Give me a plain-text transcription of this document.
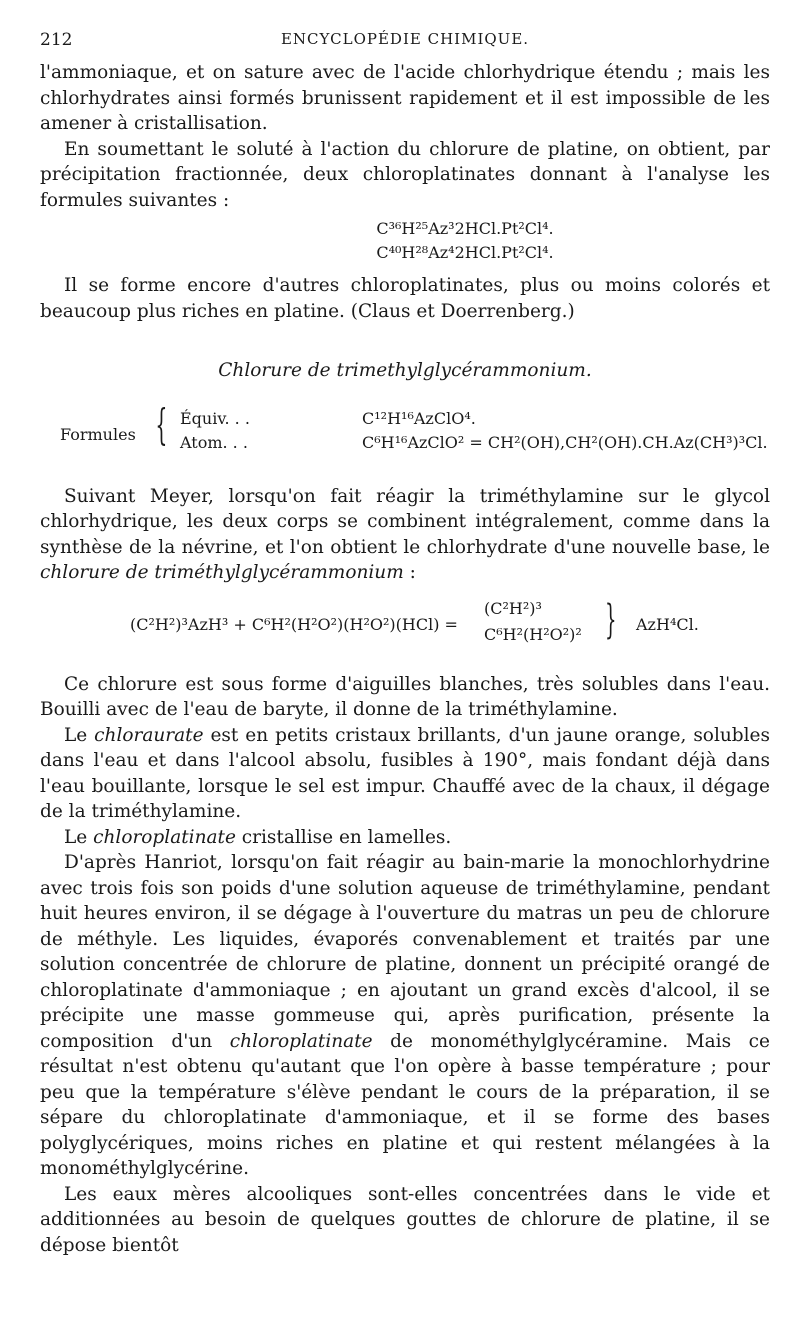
212	ENCYCLOPÉDIE CHIMIQUE.

l'ammoniaque, et on sature avec de l'acide chlorhydrique étendu ; mais les chlorhydrates ainsi formés brunissent rapidement et il est impossible de les amener à cristallisation.

En soumettant le soluté à l'action du chlorure de platine, on obtient, par précipitation fractionnée, deux chloroplatinates donnant à l'analyse les formules suivantes :

C³⁶H²⁵Az³2HCl.Pt²Cl⁴.
C⁴⁰H²⁸Az⁴2HCl.Pt²Cl⁴.

Il se forme encore d'autres chloroplatinates, plus ou moins colorés et beaucoup plus riches en platine. (Claus et Doerrenberg.)

Chlorure de trimethylglycérammonium.
Formules { Équiv. . .	C¹²H¹⁶AzClO⁴.
Atom. . .	C⁶H¹⁶AzClO² = CH²(OH),CH²(OH).CH.Az(CH³)³Cl.

Suivant Meyer, lorsqu'on fait réagir la triméthylamine sur le glycol chlorhydrique, les deux corps se combinent intégralement, comme dans la synthèse de la névrine, et l'on obtient le chlorhydrate d'une nouvelle base, le chlorure de triméthylglycérammonium :

(C²H²)³AzH³ + C⁶H²(H²O²)(H²O²)(HCl) =
(C²H²)³
C⁶H²(H²O²)² } AzH⁴Cl.

Ce chlorure est sous forme d'aiguilles blanches, très solubles dans l'eau. Bouilli avec de l'eau de baryte, il donne de la triméthylamine.

Le chloraurate est en petits cristaux brillants, d'un jaune orange, solubles dans l'eau et dans l'alcool absolu, fusibles à 190°, mais fondant déjà dans l'eau bouillante, lorsque le sel est impur. Chauffé avec de la chaux, il dégage de la triméthylamine.

Le chloroplatinate cristallise en lamelles.

D'après Hanriot, lorsqu'on fait réagir au bain-marie la monochlorhydrine avec trois fois son poids d'une solution aqueuse de triméthylamine, pendant huit heures environ, il se dégage à l'ouverture du matras un peu de chlorure de méthyle. Les liquides, évaporés convenablement et traités par une solution concentrée de chlorure de platine, donnent un précipité orangé de chloroplatinate d'ammoniaque ; en ajoutant un grand excès d'alcool, il se précipite une masse gommeuse qui, après purification, présente la composition d'un chloroplatinate de monométhylglycéramine. Mais ce résultat n'est obtenu qu'autant que l'on opère à basse température ; pour peu que la température s'élève pendant le cours de la préparation, il se sépare du chloroplatinate d'ammoniaque, et il se forme des bases polyglycériques, moins riches en platine et qui restent mélangées à la monométhylglycérine.

Les eaux mères alcooliques sont-elles concentrées dans le vide et additionnées au besoin de quelques gouttes de chlorure de platine, il se dépose bientôt
